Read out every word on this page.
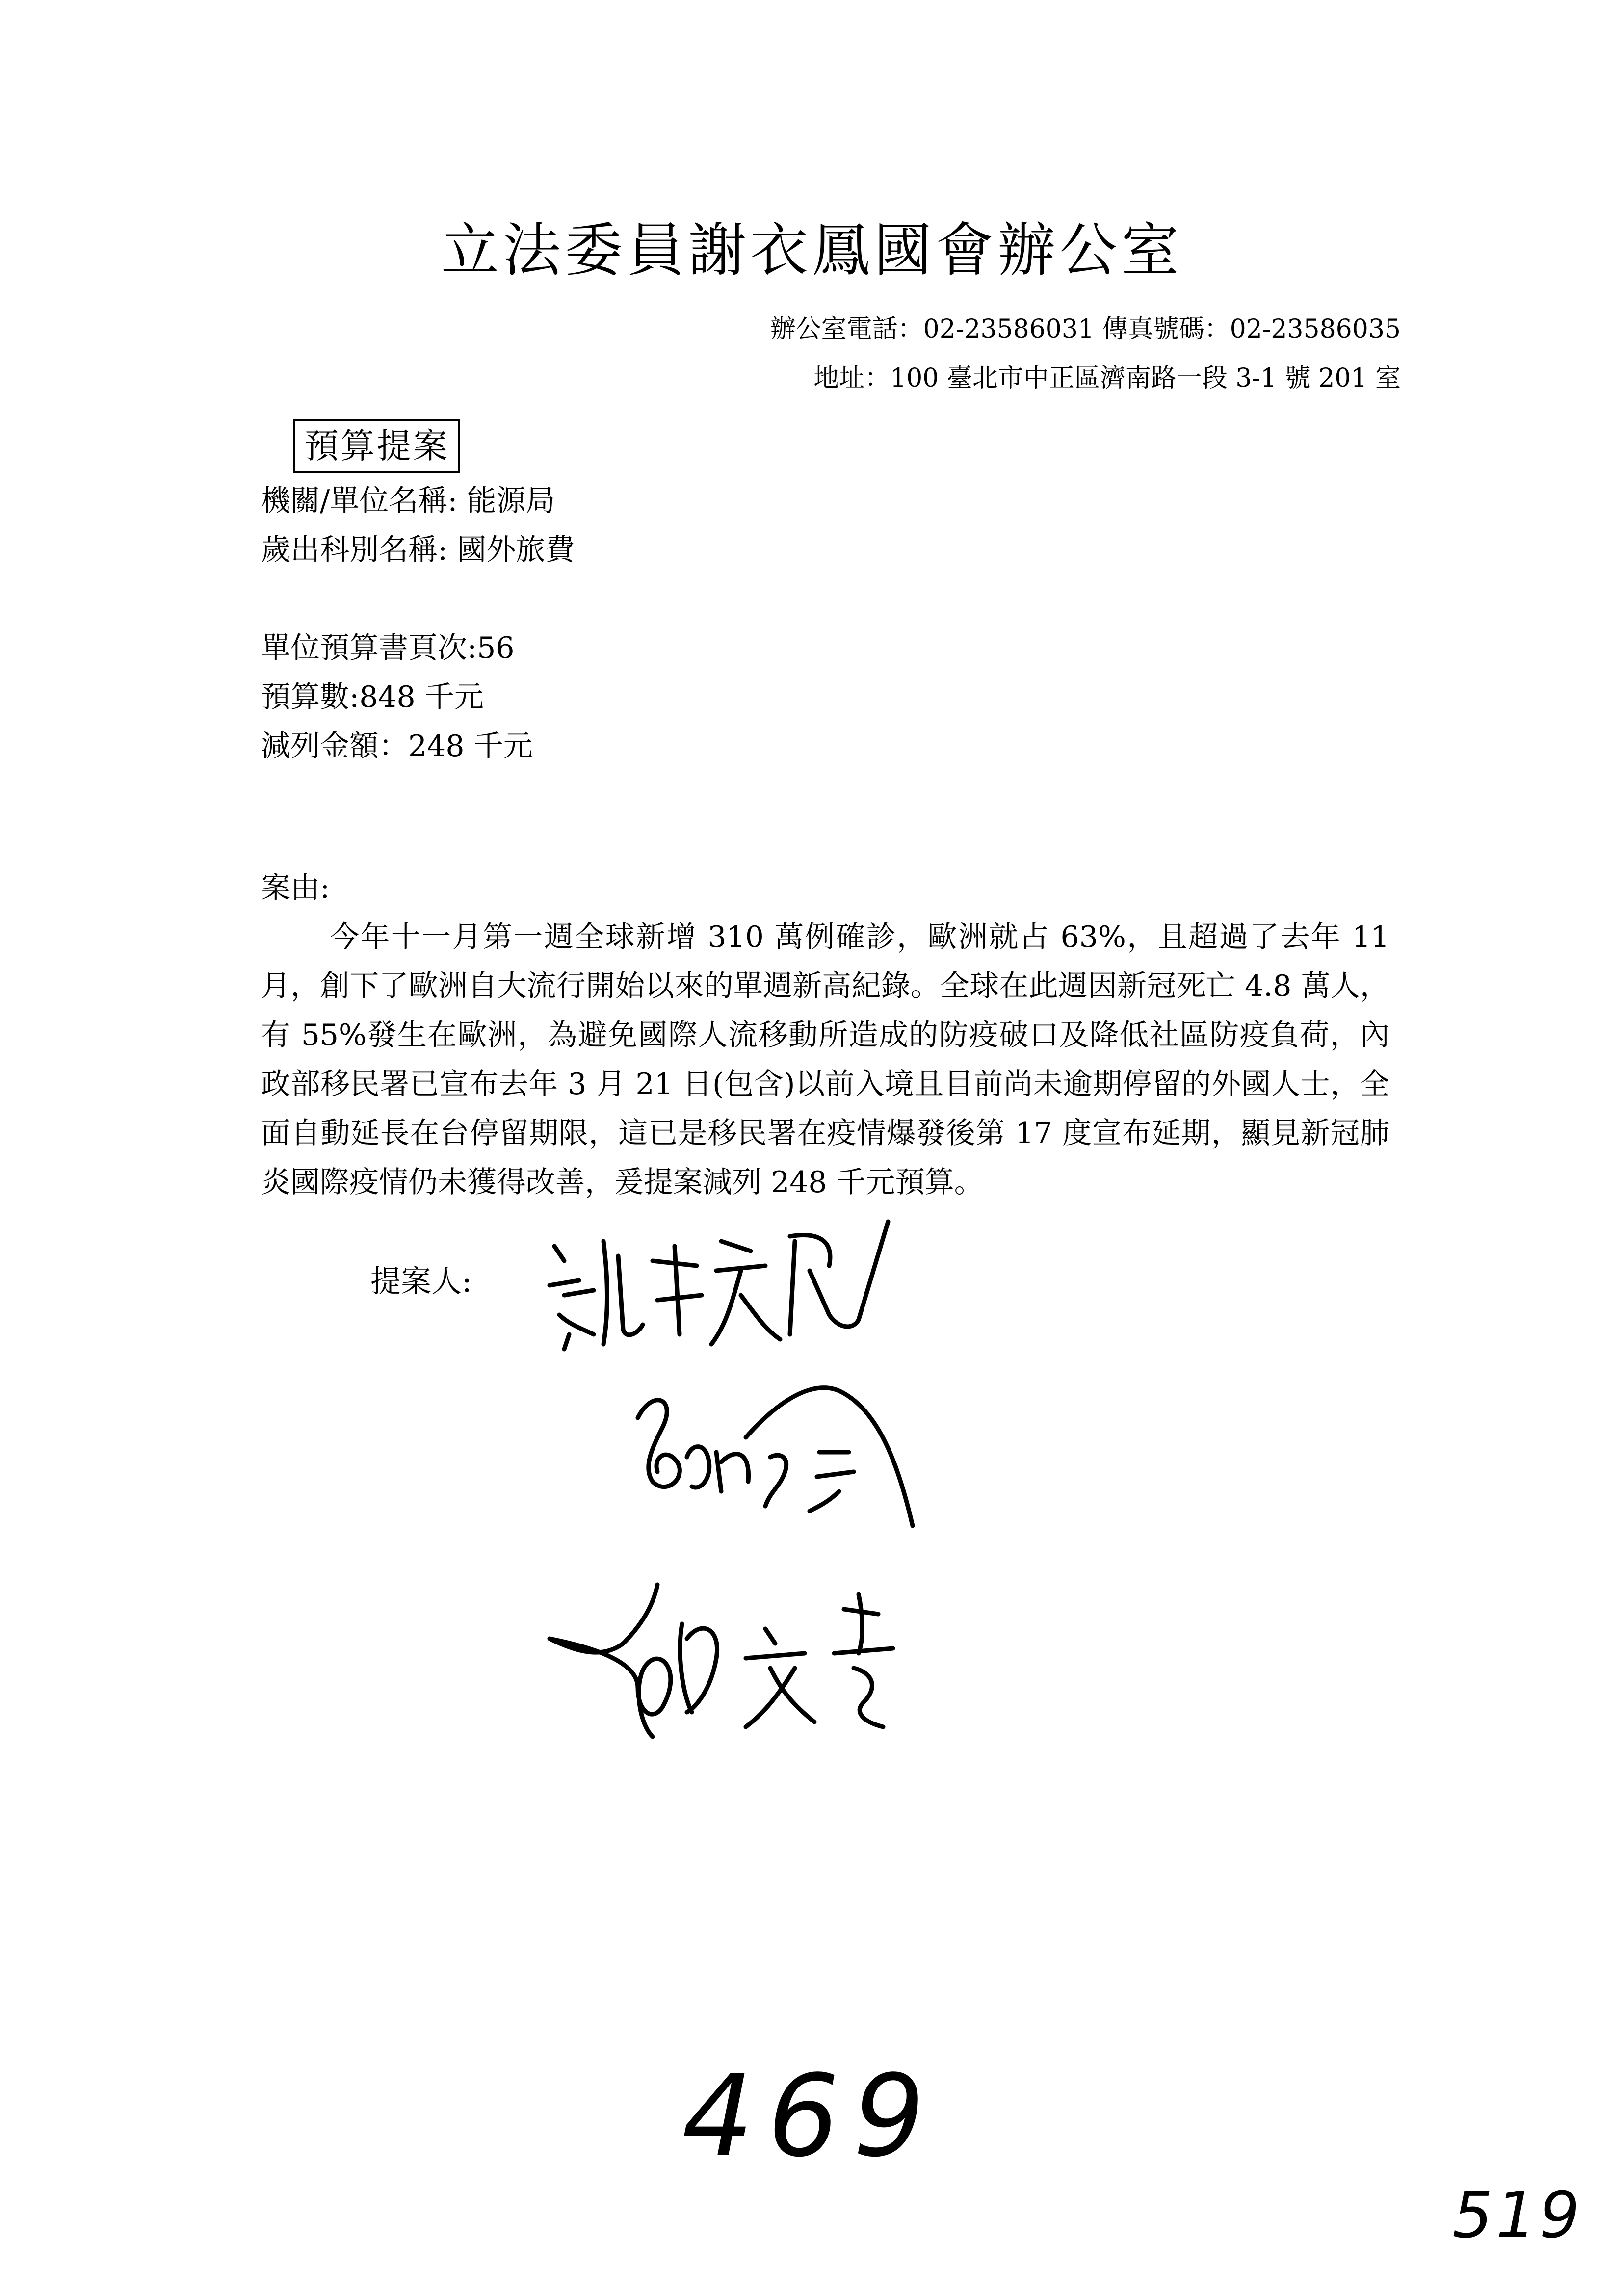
立法委員謝衣鳳國會辦公室
辦公室電話：02-23586031 傳真號碼：02-23586035
地址：100 臺北市中正區濟南路一段 3-1 號 201 室
預算提案
機關/單位名稱: 能源局
歲出科別名稱: 國外旅費
單位預算書頁次:56
預算數:848 千元
減列金額：248 千元
案由:
今年十一月第一週全球新增 310 萬例確診，歐洲就占 63%，且超過了去年 11 月，創下了歐洲自大流行開始以來的單週新高紀錄。全球在此週因新冠死亡 4.8 萬人，有 55%發生在歐洲，為避免國際人流移動所造成的防疫破口及降低社區防疫負荷，內政部移民署已宣布去年 3 月 21 日(包含)以前入境且目前尚未逾期停留的外國人士，全面自動延長在台停留期限，這已是移民署在疫情爆發後第 17 度宣布延期，顯見新冠肺炎國際疫情仍未獲得改善，爰提案減列 248 千元預算。
提案人:
469
519
